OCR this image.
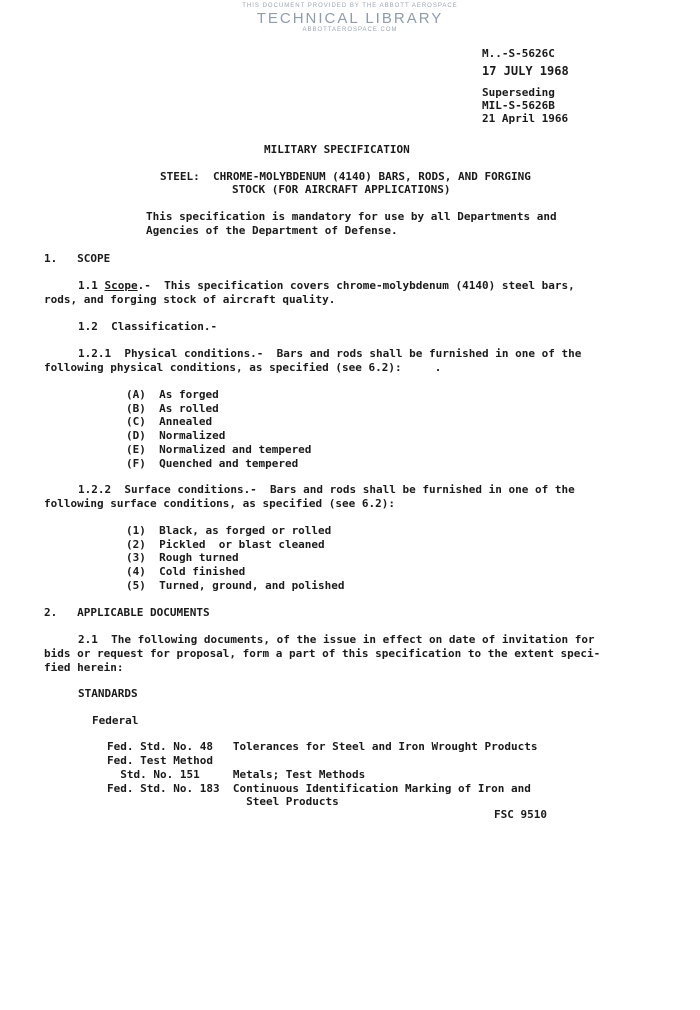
THIS DOCUMENT PROVIDED BY THE ABBOTT AEROSPACE
TECHNICAL LIBRARY
ABBOTTAEROSPACE.COM
M..-S-5626C
17 JULY 1968
Superseding
MIL-S-5626B
21 April 1966
MILITARY SPECIFICATION
STEEL:  CHROME-MOLYBDENUM (4140) BARS, RODS, AND FORGING
STOCK (FOR AIRCRAFT APPLICATIONS)
This specification is mandatory for use by all Departments and
Agencies of the Department of Defense.
1.   SCOPE
1.1 Scope.-  This specification covers chrome-molybdenum (4140) steel bars,
rods, and forging stock of aircraft quality.
1.2  Classification.-
1.2.1  Physical conditions.-  Bars and rods shall be furnished in one of the
following physical conditions, as specified (see 6.2):     .
(A)  As forged
(B)  As rolled
(C)  Annealed
(D)  Normalized
(E)  Normalized and tempered
(F)  Quenched and tempered
1.2.2  Surface conditions.-  Bars and rods shall be furnished in one of the
following surface conditions, as specified (see 6.2):
(1)  Black, as forged or rolled
(2)  Pickled  or blast cleaned
(3)  Rough turned
(4)  Cold finished
(5)  Turned, ground, and polished
2.   APPLICABLE DOCUMENTS
2.1  The following documents, of the issue in effect on date of invitation for
bids or request for proposal, form a part of this specification to the extent speci-
fied herein:
STANDARDS
Federal
Fed. Std. No. 48   Tolerances for Steel and Iron Wrought Products
Fed. Test Method
Std. No. 151     Metals; Test Methods
Fed. Std. No. 183  Continuous Identification Marking of Iron and
Steel Products
FSC 9510
